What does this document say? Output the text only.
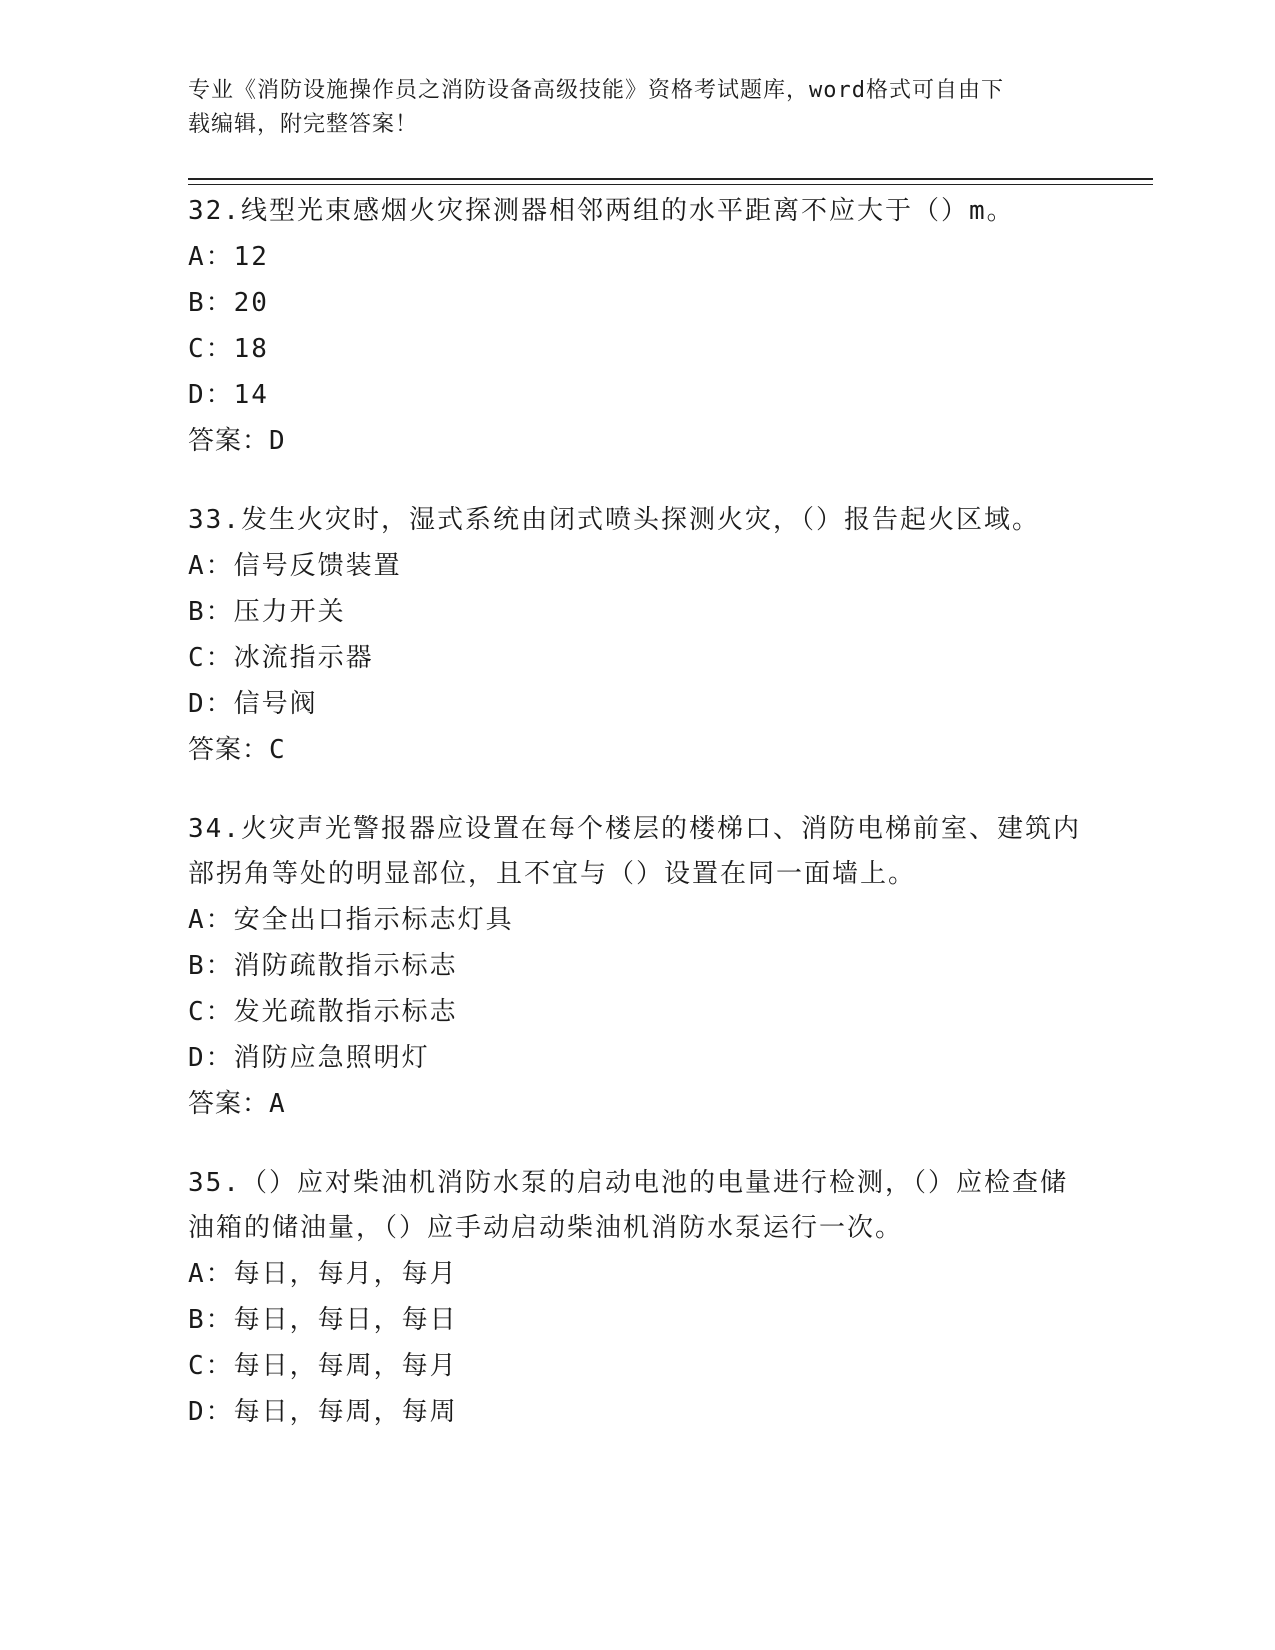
专业《消防设施操作员之消防设备高级技能》资格考试题库，word格式可自由下
载编辑，附完整答案！

32.线型光束感烟火灾探测器相邻两组的水平距离不应大于（）m。

A：12

B：20

C：18

D：14

答案：D

33.发生火灾时，湿式系统由闭式喷头探测火灾，（）报告起火区域。

A：信号反馈装置

B：压力开关

C：冰流指示器

D：信号阀

答案：C

34.火灾声光警报器应设置在每个楼层的楼梯口、消防电梯前室、建筑内部拐角等处的明显部位，且不宜与（）设置在同一面墙上。

A：安全出口指示标志灯具

B：消防疏散指示标志

C：发光疏散指示标志

D：消防应急照明灯

答案：A

35.（）应对柴油机消防水泵的启动电池的电量进行检测，（）应检查储油箱的储油量，（）应手动启动柴油机消防水泵运行一次。

A：每日，每月，每月

B：每日，每日，每日

C：每日，每周，每月

D：每日，每周，每周
